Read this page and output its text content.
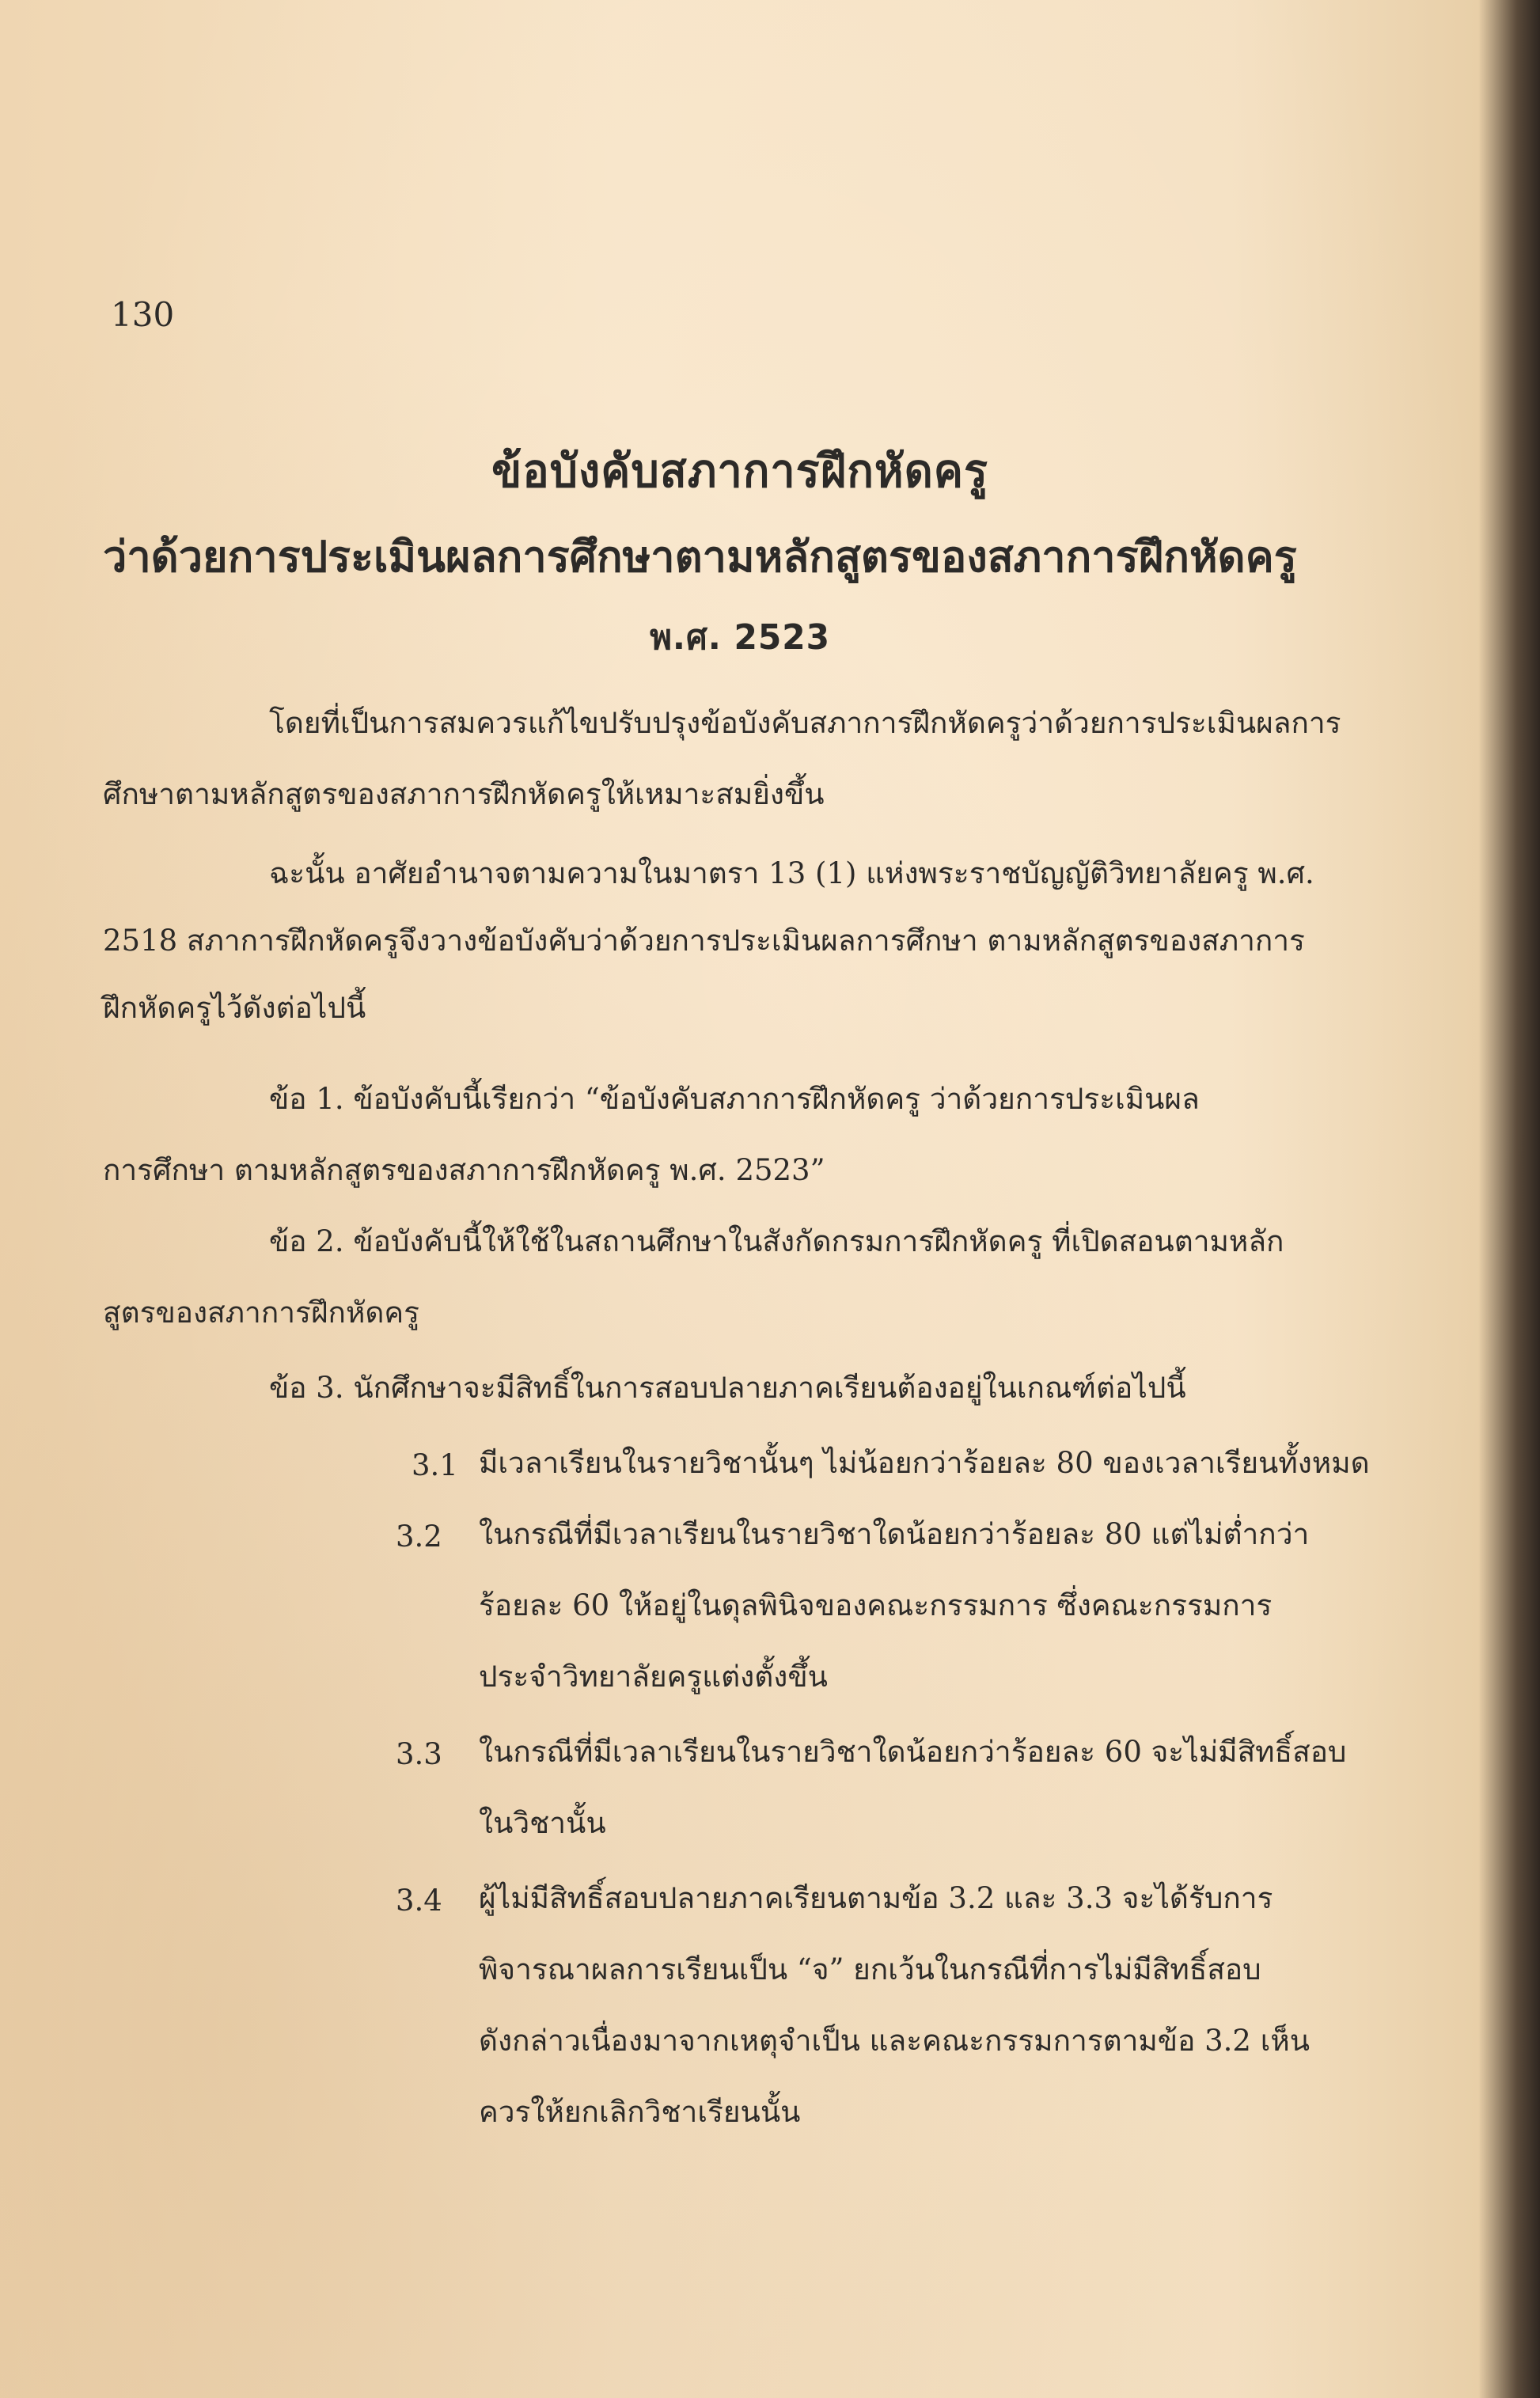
130
ข้อบังคับสภาการฝึกหัดครู
ว่าด้วยการประเมินผลการศึกษาตามหลักสูตรของสภาการฝึกหัดครู
พ.ศ. 2523
โดยที่เป็นการสมควรแก้ไขปรับปรุงข้อบังคับสภาการฝึกหัดครูว่าด้วยการประเมินผลการ
ศึกษาตามหลักสูตรของสภาการฝึกหัดครูให้เหมาะสมยิ่งขึ้น
ฉะนั้น อาศัยอำนาจตามความในมาตรา 13 (1) แห่งพระราชบัญญัติวิทยาลัยครู พ.ศ.
2518 สภาการฝึกหัดครูจึงวางข้อบังคับว่าด้วยการประเมินผลการศึกษา ตามหลักสูตรของสภาการ
ฝึกหัดครูไว้ดังต่อไปนี้
ข้อ 1. ข้อบังคับนี้เรียกว่า “ข้อบังคับสภาการฝึกหัดครู ว่าด้วยการประเมินผล
การศึกษา ตามหลักสูตรของสภาการฝึกหัดครู พ.ศ. 2523”
ข้อ 2. ข้อบังคับนี้ให้ใช้ในสถานศึกษาในสังกัดกรมการฝึกหัดครู ที่เปิดสอนตามหลัก
สูตรของสภาการฝึกหัดครู
ข้อ 3. นักศึกษาจะมีสิทธิ์ในการสอบปลายภาคเรียนต้องอยู่ในเกณฑ์ต่อไปนี้
3.1 มีเวลาเรียนในรายวิชานั้นๆ ไม่น้อยกว่าร้อยละ 80 ของเวลาเรียนทั้งหมด
3.2 ในกรณีที่มีเวลาเรียนในรายวิชาใดน้อยกว่าร้อยละ 80 แต่ไม่ต่ำกว่า
ร้อยละ 60 ให้อยู่ในดุลพินิจของคณะกรรมการ ซึ่งคณะกรรมการ
ประจำวิทยาลัยครูแต่งตั้งขึ้น
3.3 ในกรณีที่มีเวลาเรียนในรายวิชาใดน้อยกว่าร้อยละ 60 จะไม่มีสิทธิ์สอบ
ในวิชานั้น
3.4 ผู้ไม่มีสิทธิ์สอบปลายภาคเรียนตามข้อ 3.2 และ 3.3 จะได้รับการ
พิจารณาผลการเรียนเป็น “จ” ยกเว้นในกรณีที่การไม่มีสิทธิ์สอบ
ดังกล่าวเนื่องมาจากเหตุจำเป็น และคณะกรรมการตามข้อ 3.2 เห็น
ควรให้ยกเลิกวิชาเรียนนั้น
